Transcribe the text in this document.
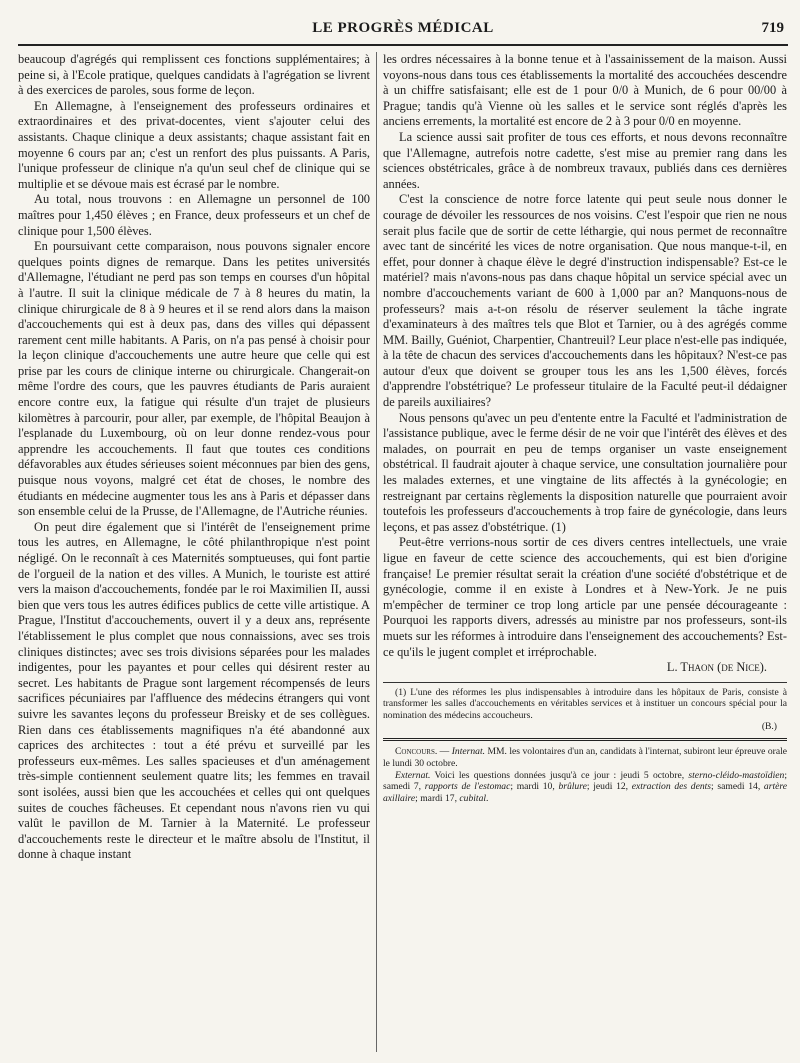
LE PROGRÈS MÉDICAL	719

beaucoup d'agrégés qui remplissent ces fonctions supplémentaires; à peine si, à l'Ecole pratique, quelques candidats à l'agrégation se livrent à des exercices de paroles, sous forme de leçon.

En Allemagne, à l'enseignement des professeurs ordinaires et extraordinaires et des privat-docentes, vient s'ajouter celui des assistants. Chaque clinique a deux assistants; chaque assistant fait en moyenne 6 cours par an; c'est un renfort des plus puissants. A Paris, l'unique professeur de clinique n'a qu'un seul chef de clinique qui se multiplie et se dévoue mais est écrasé par le nombre.

Au total, nous trouvons : en Allemagne un personnel de 100 maîtres pour 1,450 élèves ; en France, deux professeurs et un chef de clinique pour 1,500 élèves.

En poursuivant cette comparaison, nous pouvons signaler encore quelques points dignes de remarque. Dans les petites universités d'Allemagne, l'étudiant ne perd pas son temps en courses d'un hôpital à l'autre. Il suit la clinique médicale de 7 à 8 heures du matin, la clinique chirurgicale de 8 à 9 heures et il se rend alors dans la maison d'accouchements qui est à deux pas, dans des villes qui dépassent rarement cent mille habitants. A Paris, on n'a pas pensé à choisir pour la leçon clinique d'accouchements une autre heure que celle qui est prise par les cours de clinique interne ou chirurgicale. Changerait-on même l'ordre des cours, que les pauvres étudiants de Paris auraient encore contre eux, la fatigue qui résulte d'un trajet de plusieurs kilomètres à parcourir, pour aller, par exemple, de l'hôpital Beaujon à l'esplanade du Luxembourg, où on leur donne rendez-vous pour apprendre les accouchements. Il faut que toutes ces conditions défavorables aux études sérieuses soient méconnues par bien des gens, puisque nous voyons, malgré cet état de choses, le nombre des étudiants en médecine augmenter tous les ans à Paris et dépasser dans son ensemble celui de la Prusse, de l'Allemagne, de l'Autriche réunies.

On peut dire également que si l'intérêt de l'enseignement prime tous les autres, en Allemagne, le côté philanthropique n'est point négligé. On le reconnaît à ces Maternités somptueuses, qui font partie de l'orgueil de la nation et des villes. A Munich, le touriste est attiré vers la maison d'accouchements, fondée par le roi Maximilien II, aussi bien que vers tous les autres édifices publics de cette ville artistique. A Prague, l'Institut d'accouchements, ouvert il y a deux ans, représente l'établissement le plus complet que nous connaissions, avec ses trois cliniques distinctes; avec ses trois divisions séparées pour les malades indigentes, pour les payantes et pour celles qui désirent rester au secret. Les habitants de Prague sont largement récompensés de leurs sacrifices pécuniaires par l'affluence des médecins étrangers qui vont suivre les savantes leçons du professeur Breisky et de ses collègues. Rien dans ces établissements magnifiques n'a été abandonné aux caprices des architectes : tout a été prévu et surveillé par les professeurs eux-mêmes. Les salles spacieuses et d'un aménagement très-simple contiennent seulement quatre lits; les femmes en travail sont isolées, aussi bien que les accouchées et celles qui ont quelques suites de couches fâcheuses. Et cependant nous n'avons rien vu qui valût le pavillon de M. Tarnier à la Maternité. Le professeur d'accouchements reste le directeur et le maître absolu de l'Institut, il donne à chaque instant

les ordres nécessaires à la bonne tenue et à l'assainissement de la maison. Aussi voyons-nous dans tous ces établissements la mortalité des accouchées descendre à un chiffre satisfaisant; elle est de 1 pour 0/0 à Munich, de 6 pour 00/00 à Prague; tandis qu'à Vienne où les salles et le service sont réglés d'après les anciens errements, la mortalité est encore de 2 à 3 pour 0/0 en moyenne.

La science aussi sait profiter de tous ces efforts, et nous devons reconnaître que l'Allemagne, autrefois notre cadette, s'est mise au premier rang dans les sciences obstétricales, grâce à de nombreux travaux, publiés dans ces dernières années.

C'est la conscience de notre force latente qui peut seule nous donner le courage de dévoiler les ressources de nos voisins. C'est l'espoir que rien ne nous serait plus facile que de sortir de cette léthargie, qui nous permet de reconnaître avec tant de sincérité les vices de notre organisation. Que nous manque-t-il, en effet, pour donner à chaque élève le degré d'instruction indispensable? Est-ce le matériel? mais n'avons-nous pas dans chaque hôpital un service spécial avec un nombre d'accouchements variant de 600 à 1,000 par an? Manquons-nous de professeurs? mais a-t-on résolu de réserver seulement la tâche ingrate d'examinateurs à des maîtres tels que Blot et Tarnier, ou à des agrégés comme MM. Bailly, Guéniot, Charpentier, Chantreuil? Leur place n'est-elle pas indiquée, à la tête de chacun des services d'accouchements dans les hôpitaux? N'est-ce pas autour d'eux que doivent se grouper tous les ans les 1,500 élèves, forcés d'apprendre l'obstétrique? Le professeur titulaire de la Faculté peut-il dédaigner de pareils auxiliaires?

Nous pensons qu'avec un peu d'entente entre la Faculté et l'administration de l'assistance publique, avec le ferme désir de ne voir que l'intérêt des élèves et des malades, on pourrait en peu de temps organiser un vaste enseignement obstétrical. Il faudrait ajouter à chaque service, une consultation journalière pour les malades externes, et une vingtaine de lits affectés à la gynécologie; en restreignant par certains règlements la disposition naturelle que pourraient avoir toutefois les professeurs d'accouchements à trop faire de gynécologie, dans leurs leçons, et pas assez d'obstétrique. (1)

Peut-être verrions-nous sortir de ces divers centres intellectuels, une vraie ligue en faveur de cette science des accouchements, qui est bien d'origine française! Le premier résultat serait la création d'une société d'obstétrique et de gynécologie, comme il en existe à Londres et à New-York. Je ne puis m'empêcher de terminer ce trop long article par une pensée décourageante : Pourquoi les rapports divers, adressés au ministre par nos professeurs, sont-ils muets sur les réformes à introduire dans l'enseignement des accouchements? Est-ce qu'ils le jugent complet et irréprochable.

L. Thaon (de Nice).
(1) L'une des réformes les plus indispensables à introduire dans les hôpitaux de Paris, consiste à transformer les salles d'accouchements en véritables services et à instituer un concours spécial pour la nomination des médecins accoucheurs.
(B.)

Concours. — Internat. MM. les volontaires d'un an, candidats à l'internat, subiront leur épreuve orale le lundi 30 octobre.

Externat. Voici les questions données jusqu'à ce jour : jeudi 5 octobre, sterno-cléido-mastoïdien; samedi 7, rapports de l'estomac; mardi 10, brûlure; jeudi 12, extraction des dents; samedi 14, artère axillaire; mardi 17, cubital.
